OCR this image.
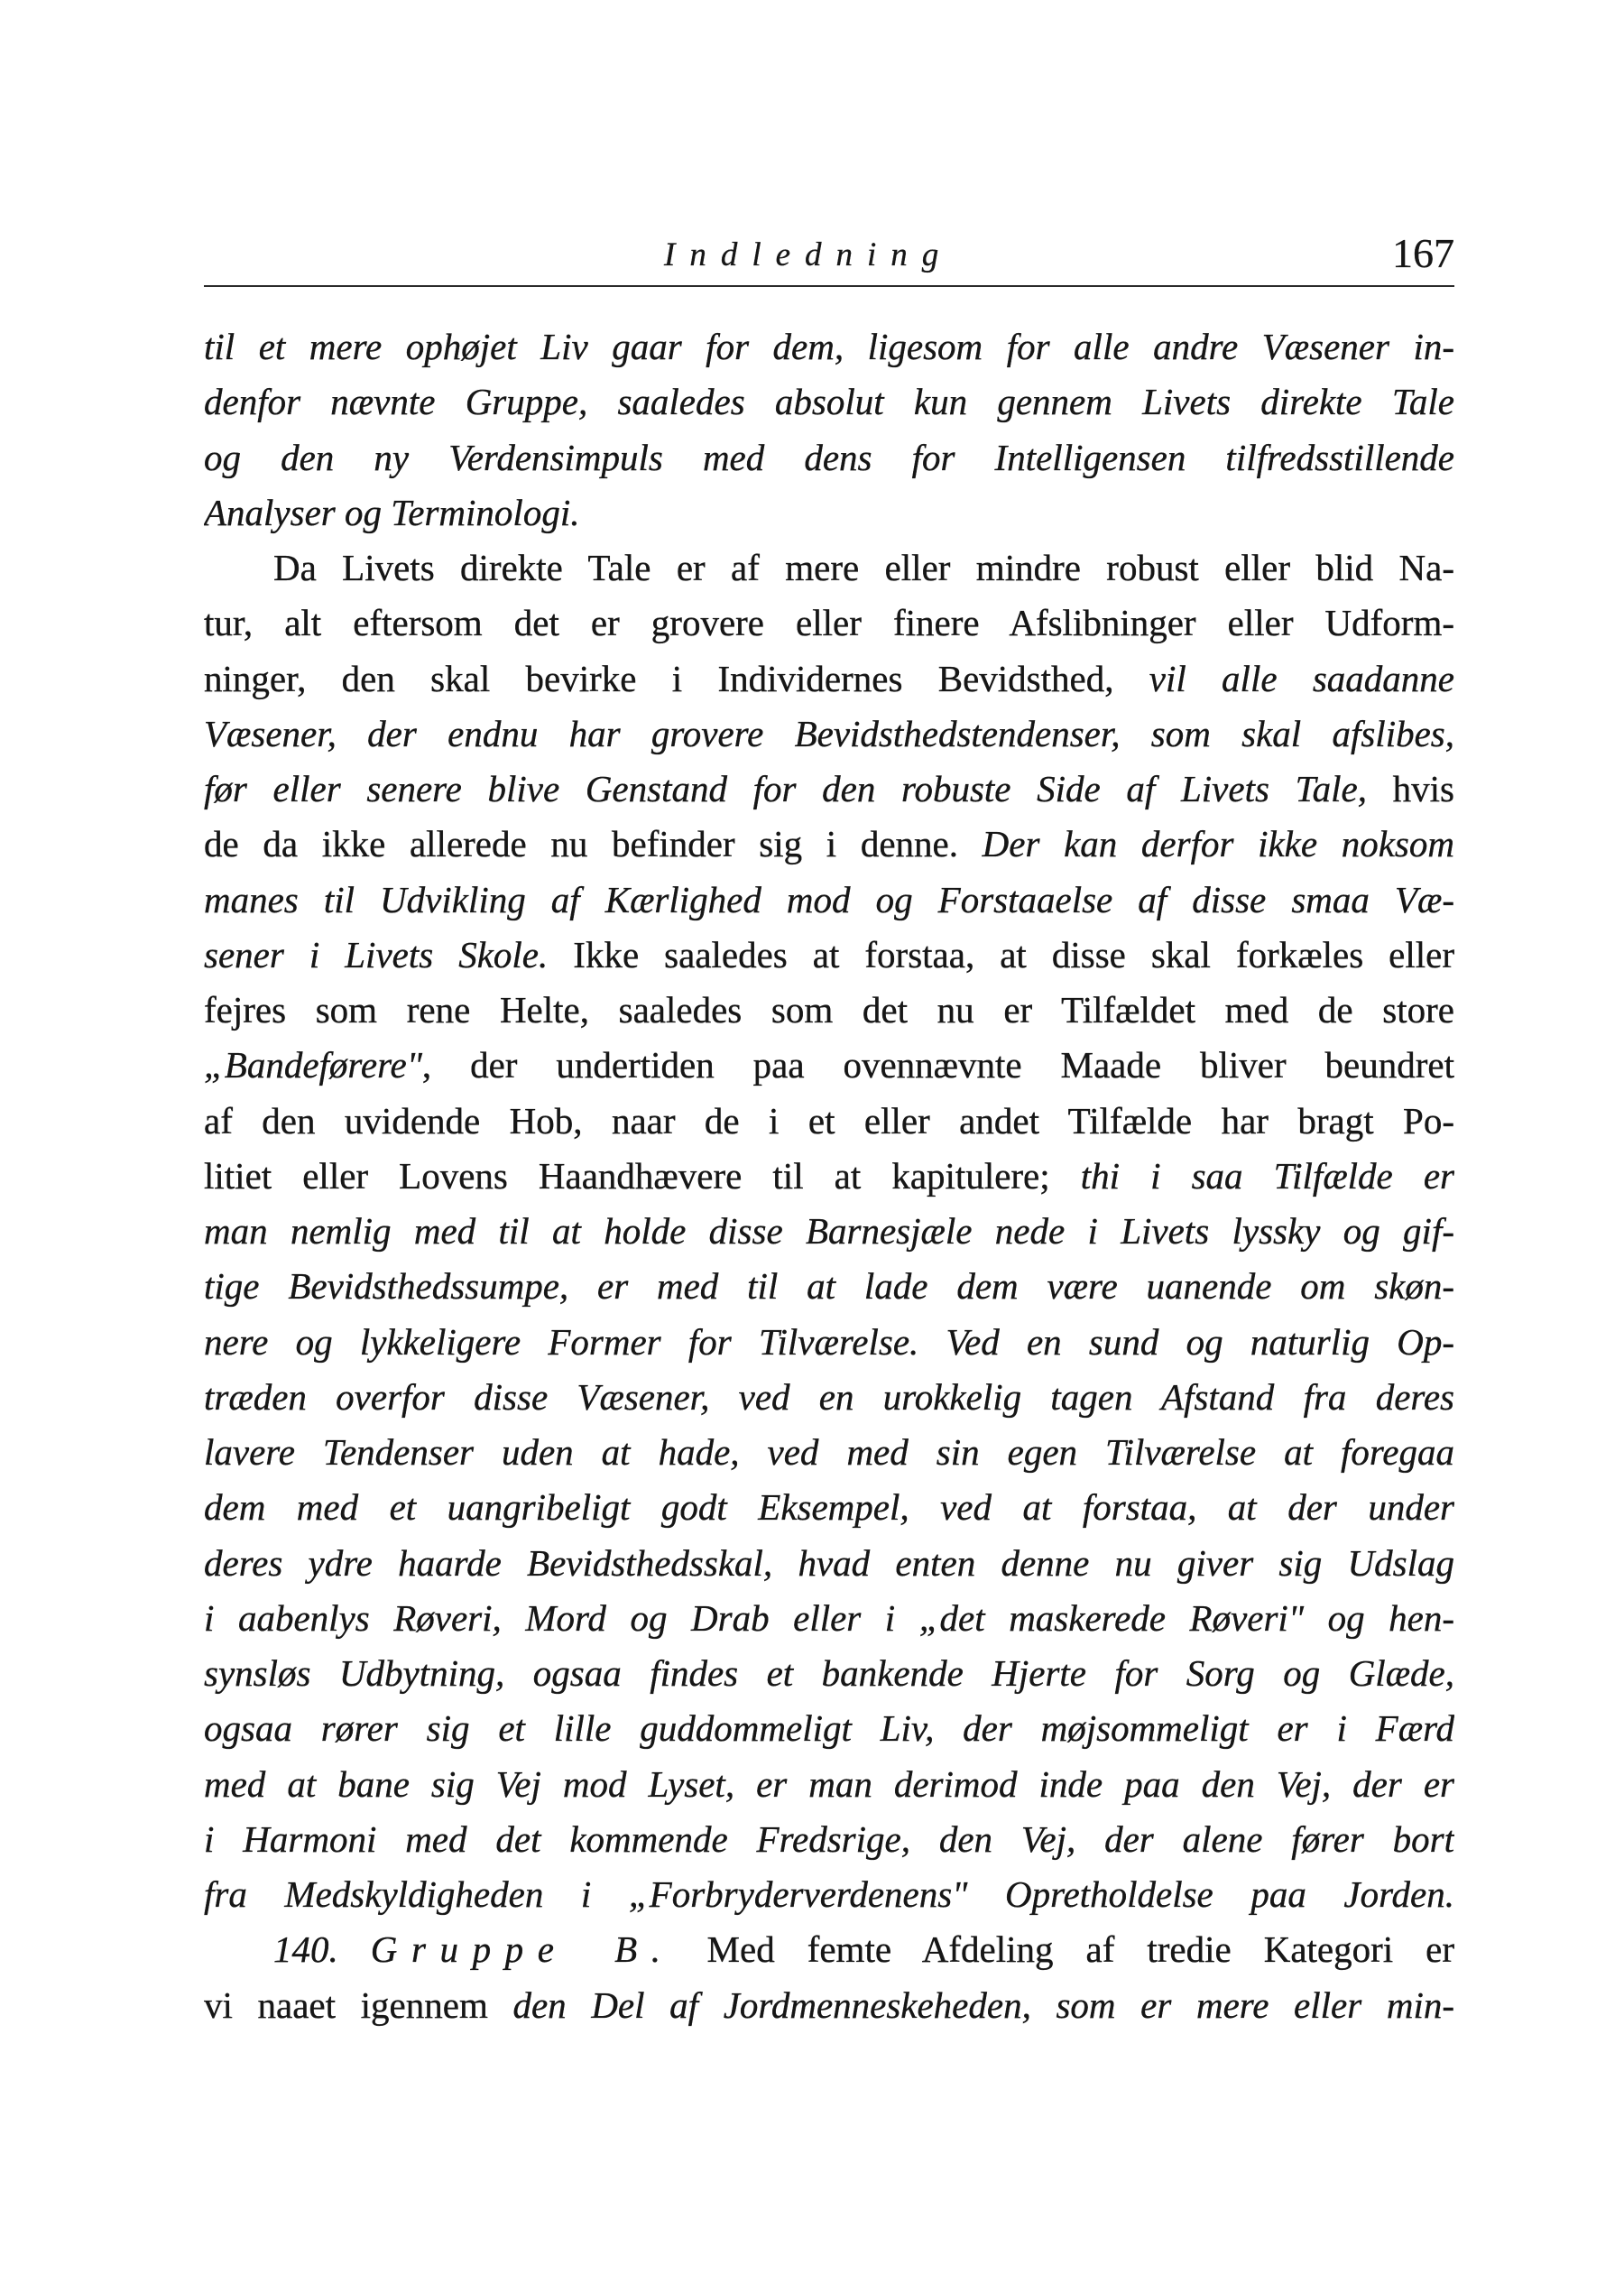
Indledning	167
til et mere ophøjet Liv gaar for dem, ligesom for alle andre Væsener in-
denfor nævnte Gruppe, saaledes absolut kun gennem Livets direkte Tale
og den ny Verdensimpuls med dens for Intelligensen tilfredsstillende
Analyser og Terminologi.
Da Livets direkte Tale er af mere eller mindre robust eller blid Na-
tur, alt eftersom det er grovere eller finere Afslibninger eller Udform-
ninger, den skal bevirke i Individernes Bevidsthed, vil alle saadanne
Væsener, der endnu har grovere Bevidsthedstendenser, som skal afslibes,
før eller senere blive Genstand for den robuste Side af Livets Tale, hvis
de da ikke allerede nu befinder sig i denne. Der kan derfor ikke noksom
manes til Udvikling af Kærlighed mod og Forstaaelse af disse smaa Væ-
sener i Livets Skole. Ikke saaledes at forstaa, at disse skal forkæles eller
fejres som rene Helte, saaledes som det nu er Tilfældet med de store
„Bandeførere", der undertiden paa ovennævnte Maade bliver beundret
af den uvidende Hob, naar de i et eller andet Tilfælde har bragt Po-
litiet eller Lovens Haandhævere til at kapitulere; thi i saa Tilfælde er
man nemlig med til at holde disse Barnesjæle nede i Livets lyssky og gif-
tige Bevidsthedssumpe, er med til at lade dem være uanende om skøn-
nere og lykkeligere Former for Tilværelse. Ved en sund og naturlig Op-
træden overfor disse Væsener, ved en urokkelig tagen Afstand fra deres
lavere Tendenser uden at hade, ved med sin egen Tilværelse at foregaa
dem med et uangribeligt godt Eksempel, ved at forstaa, at der under
deres ydre haarde Bevidsthedsskal, hvad enten denne nu giver sig Udslag
i aabenlys Røveri, Mord og Drab eller i „det maskerede Røveri" og hen-
synsløs Udbytning, ogsaa findes et bankende Hjerte for Sorg og Glæde,
ogsaa rører sig et lille guddommeligt Liv, der møjsommeligt er i Færd
med at bane sig Vej mod Lyset, er man derimod inde paa den Vej, der er
i Harmoni med det kommende Fredsrige, den Vej, der alene fører bort
fra Medskyldigheden i „Forbryderverdenens" Opretholdelse paa Jorden.
140. Gruppe B. Med femte Afdeling af tredie Kategori er
vi naaet igennem den Del af Jordmenneskeheden, som er mere eller min-
